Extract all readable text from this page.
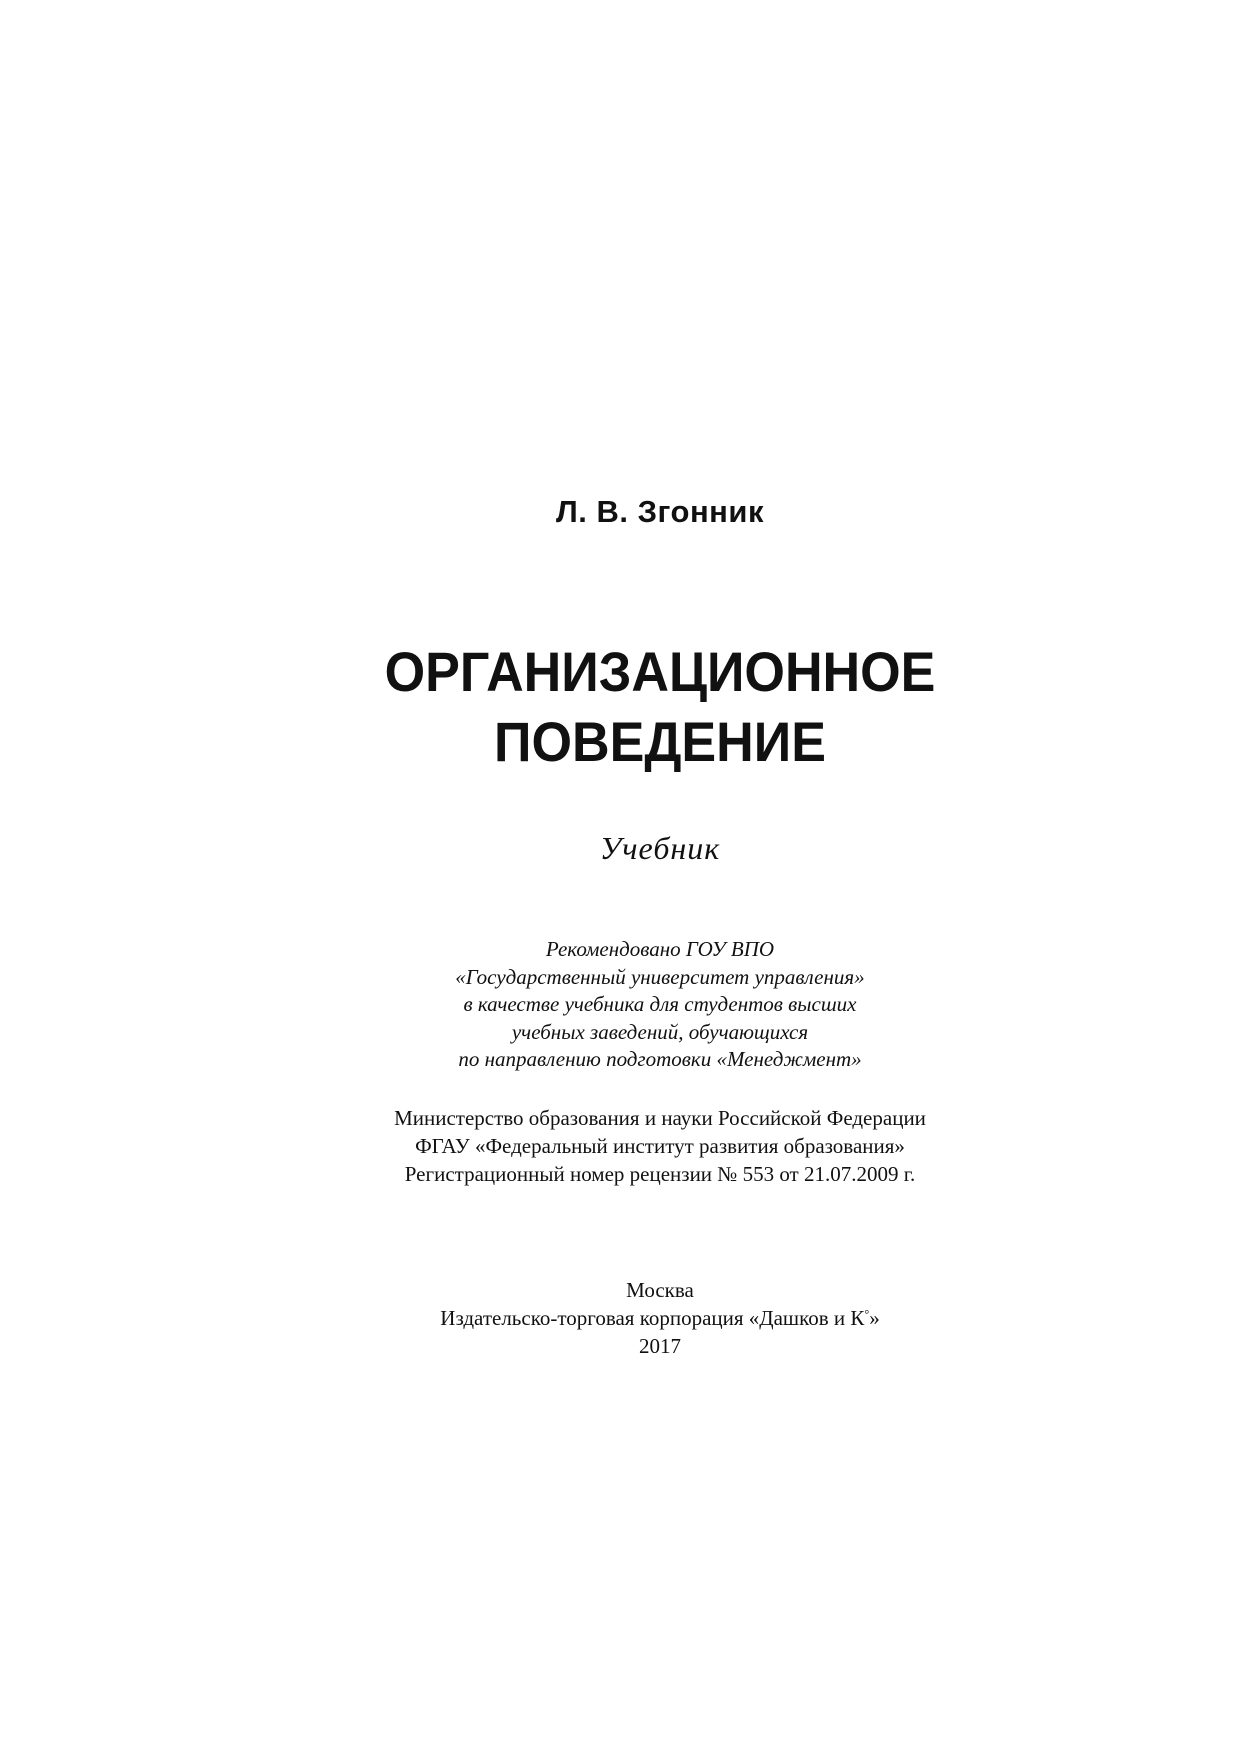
Л. В. Згонник
ОРГАНИЗАЦИОННОЕ
ПОВЕДЕНИЕ
Учебник
Рекомендовано ГОУ ВПО
«Государственный университет управления»
в качестве учебника для студентов высших
учебных заведений, обучающихся
по направлению подготовки «Менеджмент»
Министерство образования и науки Российской Федерации
ФГАУ «Федеральный институт развития образования»
Регистрационный номер рецензии № 553 от 21.07.2009 г.
Москва
Издательско-торговая корпорация «Дашков и К°»
2017
